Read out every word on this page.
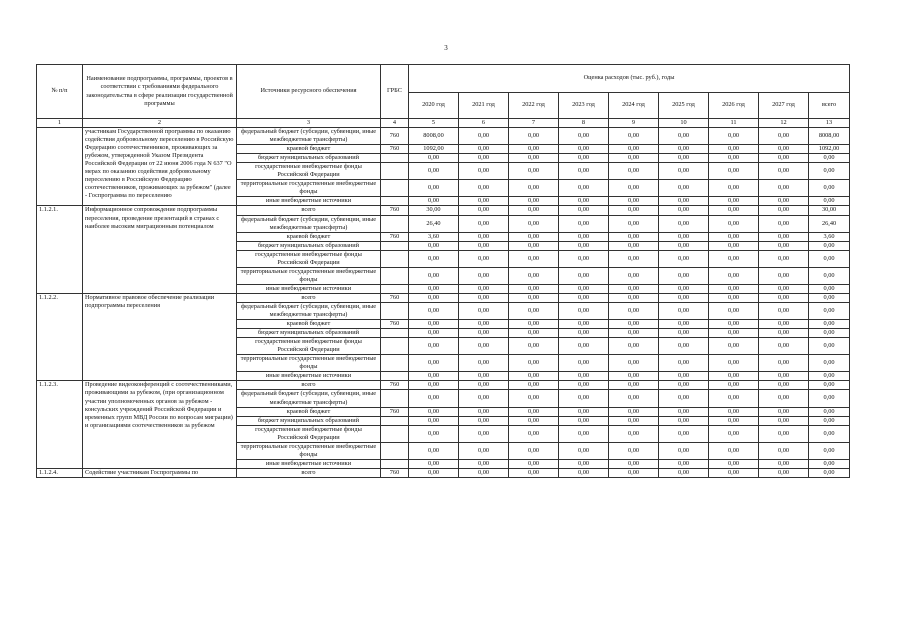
3
№ п/п	Наименование подпрограммы, программы, проектов в соответствии с требованиями федерального законодательства в сфере реализации государственной программы	Источники ресурсного обеспечения	ГРБС	Оценка расходов (тыс. руб.), годы								
				2020 год	2021 год	2022 год	2023 год	2024 год	2025 год	2026 год	2027 год	всего
1	2	3	4	5	6	7	8	9	10	11	12	13
	участникам Государственной программы по оказанию содействия добровольному переселению в Российскую Федерацию соотечественников, проживающих за рубежом, утвержденной Указом Президента Российской Федерации от 22 июня 2006 года N 637 "О мерах по оказанию содействия добровольному переселению в Российскую Федерацию соотечественников, проживающих за рубежом" (далее - Госпрограмма по переселению	федеральный бюджет (субсидии, субвенции, иные межбюджетные трансферты)	760	8008,00	0,00	0,00	0,00	0,00	0,00	0,00	0,00	8008,00
		краевой бюджет	760	1092,00	0,00	0,00	0,00	0,00	0,00	0,00	0,00	1092,00
		бюджет муниципальных образований		0,00	0,00	0,00	0,00	0,00	0,00	0,00	0,00	0,00
		государственные внебюджетные фонды Российской Федерации		0,00	0,00	0,00	0,00	0,00	0,00	0,00	0,00	0,00
		территориальные государственные внебюджетные фонды		0,00	0,00	0,00	0,00	0,00	0,00	0,00	0,00	0,00
		иные внебюджетные источники		0,00	0,00	0,00	0,00	0,00	0,00	0,00	0,00	0,00
1.1.2.1.	Информационное сопровождение подпрограммы переселения, проведение презентаций в странах с наиболее высоким миграционным потенциалом	всего	760	30,00	0,00	0,00	0,00	0,00	0,00	0,00	0,00	30,00
		федеральный бюджет (субсидии, субвенции, иные межбюджетные трансферты)		26,40	0,00	0,00	0,00	0,00	0,00	0,00	0,00	26,40
		краевой бюджет	760	3,60	0,00	0,00	0,00	0,00	0,00	0,00	0,00	3,60
		бюджет муниципальных образований		0,00	0,00	0,00	0,00	0,00	0,00	0,00	0,00	0,00
		государственные внебюджетные фонды Российской Федерации		0,00	0,00	0,00	0,00	0,00	0,00	0,00	0,00	0,00
		территориальные государственные внебюджетные фонды		0,00	0,00	0,00	0,00	0,00	0,00	0,00	0,00	0,00
		иные внебюджетные источники		0,00	0,00	0,00	0,00	0,00	0,00	0,00	0,00	0,00
1.1.2.2.	Нормативное правовое обеспечение реализации подпрограммы переселения	всего	760	0,00	0,00	0,00	0,00	0,00	0,00	0,00	0,00	0,00
		федеральный бюджет (субсидии, субвенции, иные межбюджетные трансферты)		0,00	0,00	0,00	0,00	0,00	0,00	0,00	0,00	0,00
		краевой бюджет	760	0,00	0,00	0,00	0,00	0,00	0,00	0,00	0,00	0,00
		бюджет муниципальных образований		0,00	0,00	0,00	0,00	0,00	0,00	0,00	0,00	0,00
		государственные внебюджетные фонды Российской Федерации		0,00	0,00	0,00	0,00	0,00	0,00	0,00	0,00	0,00
		территориальные государственные внебюджетные фонды		0,00	0,00	0,00	0,00	0,00	0,00	0,00	0,00	0,00
		иные внебюджетные источники		0,00	0,00	0,00	0,00	0,00	0,00	0,00	0,00	0,00
1.1.2.3.	Проведение видеоконференций с соотечественниками, проживающими за рубежом, (при организационном участии уполномоченных органов за рубежом - консульских учреждений Российской Федерации и временных групп МВД России по вопросам миграции) и организациями соотечественников за рубежом	всего	760	0,00	0,00	0,00	0,00	0,00	0,00	0,00	0,00	0,00
		федеральный бюджет (субсидии, субвенции, иные межбюджетные трансферты)		0,00	0,00	0,00	0,00	0,00	0,00	0,00	0,00	0,00
		краевой бюджет	760	0,00	0,00	0,00	0,00	0,00	0,00	0,00	0,00	0,00
		бюджет муниципальных образований		0,00	0,00	0,00	0,00	0,00	0,00	0,00	0,00	0,00
		государственные внебюджетные фонды Российской Федерации		0,00	0,00	0,00	0,00	0,00	0,00	0,00	0,00	0,00
		территориальные государственные внебюджетные фонды		0,00	0,00	0,00	0,00	0,00	0,00	0,00	0,00	0,00
		иные внебюджетные источники		0,00	0,00	0,00	0,00	0,00	0,00	0,00	0,00	0,00
1.1.2.4.	Содействие участникам Госпрограммы по	всего	760	0,00	0,00	0,00	0,00	0,00	0,00	0,00	0,00	0,00
